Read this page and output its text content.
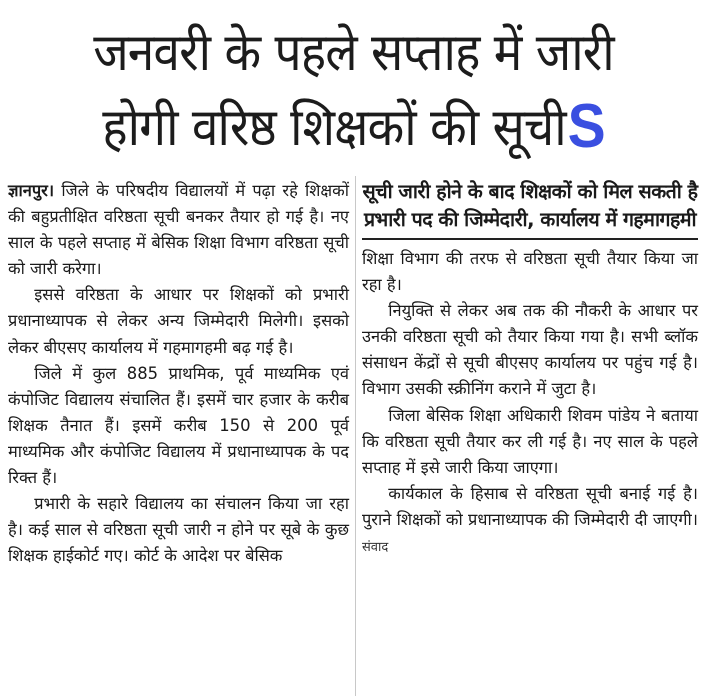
जनवरी के पहले सप्ताह में जारी
होगी वरिष्ठ शिक्षकों की सूचीS

ज्ञानपुर। जिले के परिषदीय विद्यालयों में पढ़ा रहे शिक्षकों की बहुप्रतीक्षित वरिष्ठता सूची बनकर तैयार हो गई है। नए साल के पहले सप्ताह में बेसिक शिक्षा विभाग वरिष्ठता सूची को जारी करेगा।

इससे वरिष्ठता के आधार पर शिक्षकों को प्रभारी प्रधानाध्यापक से लेकर अन्य जिम्मेदारी मिलेगी। इसको लेकर बीएसए कार्यालय में गहमागहमी बढ़ गई है।

जिले में कुल 885 प्राथमिक, पूर्व माध्यमिक एवं कंपोजिट विद्यालय संचालित हैं। इसमें चार हजार के करीब शिक्षक तैनात हैं। इसमें करीब 150 से 200 पूर्व माध्यमिक और कंपोजिट विद्यालय में प्रधानाध्यापक के पद रिक्त हैं।

प्रभारी के सहारे विद्यालय का संचालन किया जा रहा है। कई साल से वरिष्ठता सूची जारी न होने पर सूबे के कुछ शिक्षक हाईकोर्ट गए। कोर्ट के आदेश पर बेसिक

सूची जारी होने के बाद शिक्षकों को मिल सकती है प्रभारी पद की जिम्मेदारी, कार्यालय में गहमागहमी

शिक्षा विभाग की तरफ से वरिष्ठता सूची तैयार किया जा रहा है।

नियुक्ति से लेकर अब तक की नौकरी के आधार पर उनकी वरिष्ठता सूची को तैयार किया गया है। सभी ब्लॉक संसाधन केंद्रों से सूची बीएसए कार्यालय पर पहुंच गई है। विभाग उसकी स्क्रीनिंग कराने में जुटा है।

जिला बेसिक शिक्षा अधिकारी शिवम पांडेय ने बताया कि वरिष्ठता सूची तैयार कर ली गई है। नए साल के पहले सप्ताह में इसे जारी किया जाएगा।

कार्यकाल के हिसाब से वरिष्ठता सूची बनाई गई है। पुराने शिक्षकों को प्रधानाध्यापक की जिम्मेदारी दी जाएगी। संवाद
